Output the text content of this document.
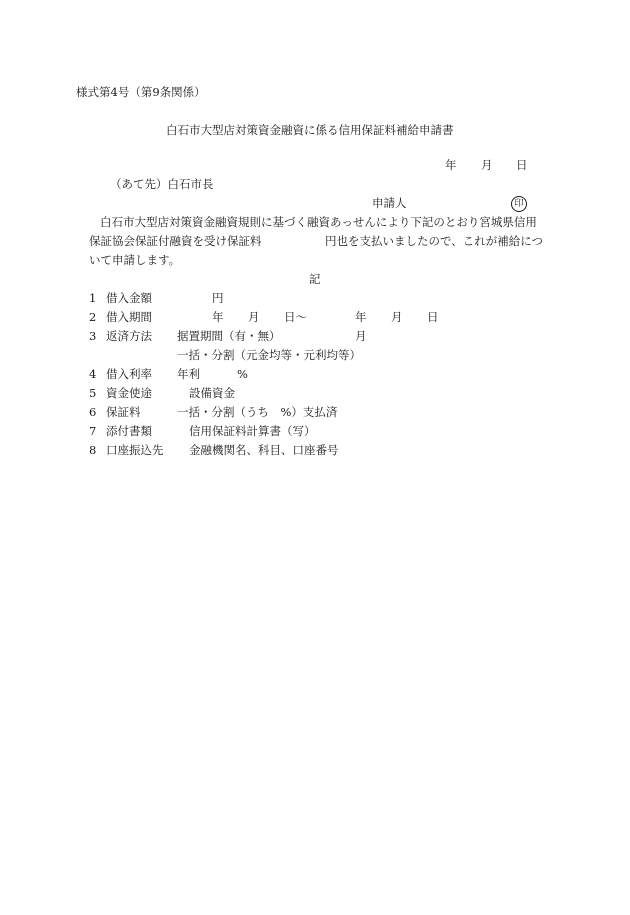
様式第4号（第9条関係）
白石市大型店対策資金融資に係る信用保証料補給申請書
年 月 日
（あて先）白石市長
申請人	印
白石市大型店対策資金融資規則に基づく融資あっせんにより下記のとおり宮城県信用
保証協会保証付融資を受け保証料	円也を支払いましたので、これが補給につ
いて申請します。
記
1 借入金額	円
2 借入期間	年 月 日～	年 月 日
3 返済方法 据置期間（有・無）	月
一括・分割（元金均等・元利均等）
4 借入利率 年利	%
5 資金使途	設備資金
6 保証料	一括・分割（うち　%）支払済
7 添付書類	信用保証料計算書（写）
8 口座振込先 金融機関名、科目、口座番号
